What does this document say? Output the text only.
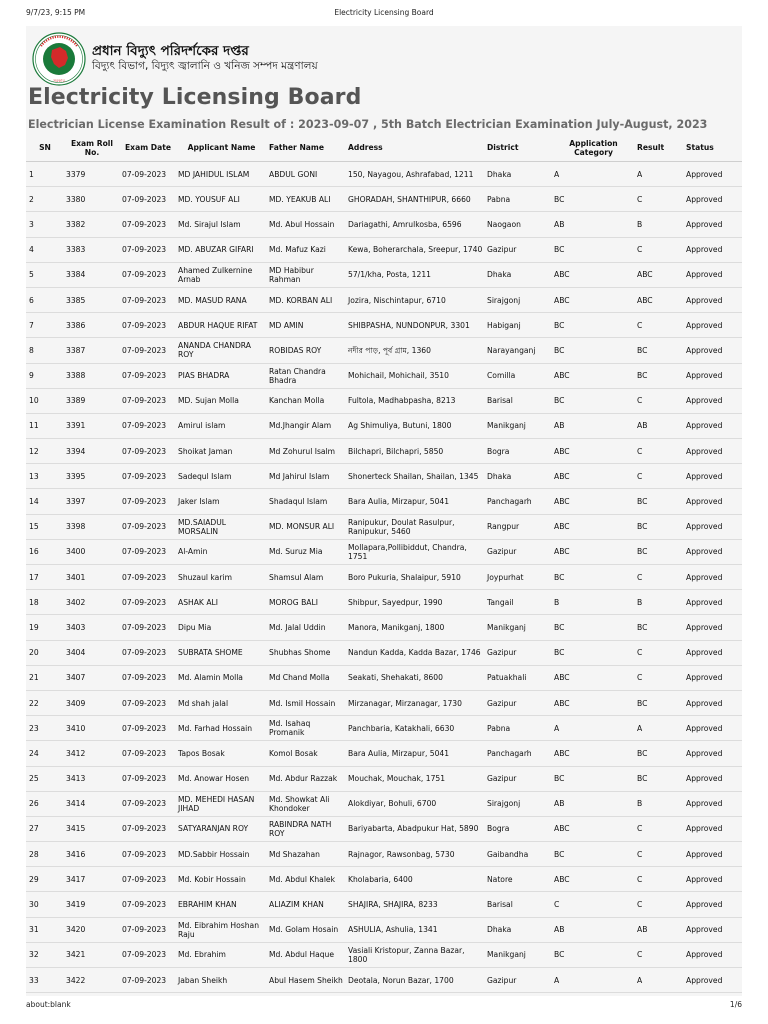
9/7/23, 9:15 PM	Electricity Licensing Board
সরকার
প্রধান বিদ্যুৎ পরিদর্শকের দপ্তর
বিদ্যুৎ বিভাগ, বিদ্যুৎ জ্বালানি ও খনিজ সম্পদ মন্ত্রণালয়
Electricity Licensing Board
Electrician License Examination Result of : 2023-09-07 , 5th Batch Electrician Examination July-August, 2023
SN	Exam Roll No.	Exam Date	Applicant Name	Father Name	Address	District	Application Category	Result	Status
1	3379	07-09-2023	MD JAHIDUL ISLAM	ABDUL GONI	150, Nayagou, Ashrafabad, 1211	Dhaka	A	A	Approved
2	3380	07-09-2023	MD. YOUSUF ALI	MD. YEAKUB ALI	GHORADAH, SHANTHIPUR, 6660	Pabna	BC	C	Approved
3	3382	07-09-2023	Md. Sirajul Islam	Md. Abul Hossain	Dariagathi, Amrulkosba, 6596	Naogaon	AB	B	Approved
4	3383	07-09-2023	MD. ABUZAR GIFARI	Md. Mafuz Kazi	Kewa, Boherarchala, Sreepur, 1740	Gazipur	BC	C	Approved
5	3384	07-09-2023	Ahamed Zulkernine Arnab	MD Habibur Rahman	57/1/kha, Posta, 1211	Dhaka	ABC	ABC	Approved
6	3385	07-09-2023	MD. MASUD RANA	MD. KORBAN ALI	Jozira, Nischintapur, 6710	Sirajgonj	ABC	ABC	Approved
7	3386	07-09-2023	ABDUR HAQUE RIFAT	MD AMIN	SHIBPASHA, NUNDONPUR, 3301	Habiganj	BC	C	Approved
8	3387	07-09-2023	ANANDA CHANDRA ROY	ROBIDAS ROY	নদীর পাড়, পূর্ব গ্রাম, 1360	Narayanganj	BC	BC	Approved
9	3388	07-09-2023	PIAS BHADRA	Ratan Chandra Bhadra	Mohichail, Mohichail, 3510	Comilla	ABC	BC	Approved
10	3389	07-09-2023	MD. Sujan Molla	Kanchan Molla	Fultola, Madhabpasha, 8213	Barisal	BC	C	Approved
11	3391	07-09-2023	Amirul islam	Md.Jhangir Alam	Ag Shimuliya, Butuni, 1800	Manikganj	AB	AB	Approved
12	3394	07-09-2023	Shoikat Jaman	Md Zohurul Isalm	Bilchapri, Bilchapri, 5850	Bogra	ABC	C	Approved
13	3395	07-09-2023	Sadequl Islam	Md Jahirul Islam	Shonerteck Shailan, Shailan, 1345	Dhaka	ABC	C	Approved
14	3397	07-09-2023	Jaker Islam	Shadaqul Islam	Bara Aulia, Mirzapur, 5041	Panchagarh	ABC	BC	Approved
15	3398	07-09-2023	MD.SAIADUL MORSALIN	MD. MONSUR ALI	Ranipukur, Doulat Rasulpur, Ranipukur, 5460	Rangpur	ABC	BC	Approved
16	3400	07-09-2023	Al-Amin	Md. Suruz Mia	Mollapara,Pollibiddut, Chandra, 1751	Gazipur	ABC	BC	Approved
17	3401	07-09-2023	Shuzaul karim	Shamsul Alam	Boro Pukuria, Shalaipur, 5910	Joypurhat	BC	C	Approved
18	3402	07-09-2023	ASHAK ALI	MOROG BALI	Shibpur, Sayedpur, 1990	Tangail	B	B	Approved
19	3403	07-09-2023	Dipu Mia	Md. Jalal Uddin	Manora, Manikganj, 1800	Manikganj	BC	BC	Approved
20	3404	07-09-2023	SUBRATA SHOME	Shubhas Shome	Nandun Kadda, Kadda Bazar, 1746	Gazipur	BC	C	Approved
21	3407	07-09-2023	Md. Alamin Molla	Md Chand Molla	Seakati, Shehakati, 8600	Patuakhali	ABC	C	Approved
22	3409	07-09-2023	Md shah jalal	Md. Ismil Hossain	Mirzanagar, Mirzanagar, 1730	Gazipur	ABC	BC	Approved
23	3410	07-09-2023	Md. Farhad Hossain	Md. Isahaq Promanik	Panchbaria, Katakhali, 6630	Pabna	A	A	Approved
24	3412	07-09-2023	Tapos Bosak	Komol Bosak	Bara Aulia, Mirzapur, 5041	Panchagarh	ABC	BC	Approved
25	3413	07-09-2023	Md. Anowar Hosen	Md. Abdur Razzak	Mouchak, Mouchak, 1751	Gazipur	BC	BC	Approved
26	3414	07-09-2023	MD. MEHEDI HASAN JIHAD	Md. Showkat Ali Khondoker	Alokdiyar, Bohuli, 6700	Sirajgonj	AB	B	Approved
27	3415	07-09-2023	SATYARANJAN ROY	RABINDRA NATH ROY	Bariyabarta, Abadpukur Hat, 5890	Bogra	ABC	C	Approved
28	3416	07-09-2023	MD.Sabbir Hossain	Md Shazahan	Rajnagor, Rawsonbag, 5730	Gaibandha	BC	C	Approved
29	3417	07-09-2023	Md. Kobir Hossain	Md. Abdul Khalek	Kholabaria, 6400	Natore	ABC	C	Approved
30	3419	07-09-2023	EBRAHIM KHAN	ALIAZIM KHAN	SHAJIRA, SHAJIRA, 8233	Barisal	C	C	Approved
31	3420	07-09-2023	Md. Eibrahim Hoshan Raju	Md. Golam Hosain	ASHULIA, Ashulia, 1341	Dhaka	AB	AB	Approved
32	3421	07-09-2023	Md. Ebrahim	Md. Abdul Haque	Vasiali Kristopur, Zanna Bazar, 1800	Manikganj	BC	C	Approved
33	3422	07-09-2023	Jaban Sheikh	Abul Hasem Sheikh	Deotala, Norun Bazar, 1700	Gazipur	A	A	Approved
about:blank	1/6
